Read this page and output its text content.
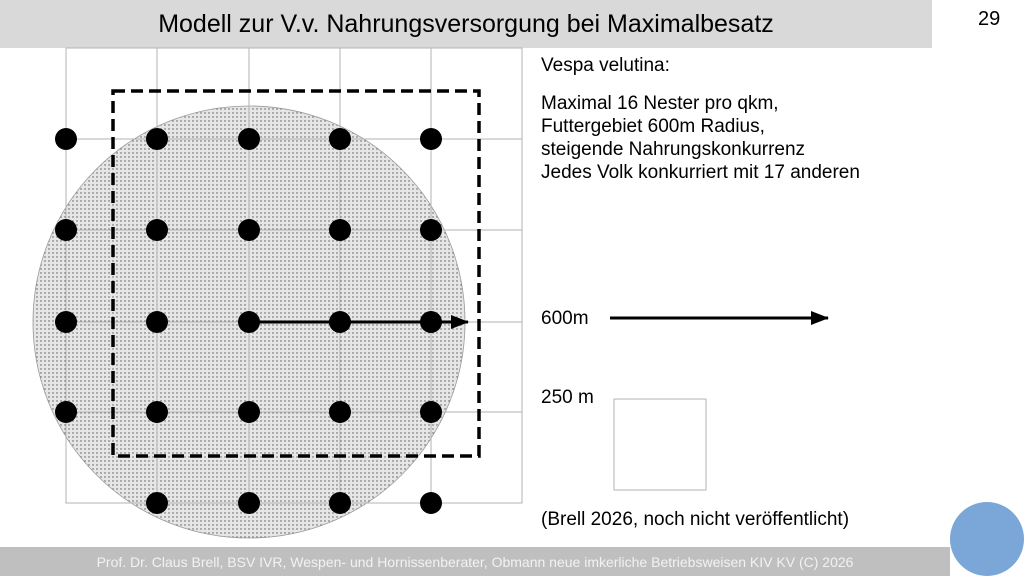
Modell zur V.v. Nahrungsversorgung bei Maximalbesatz	29
Vespa velutina:
Maximal 16 Nester pro qkm,
Futtergebiet 600m Radius,
steigende Nahrungskonkurrenz
Jedes Volk konkurriert mit 17 anderen
600m
250 m
(Brell 2026, noch nicht veröffentlicht)
Prof. Dr. Claus Brell, BSV IVR, Wespen- und Hornissenberater, Obmann neue imkerliche Betriebsweisen KIV KV (C) 2026
